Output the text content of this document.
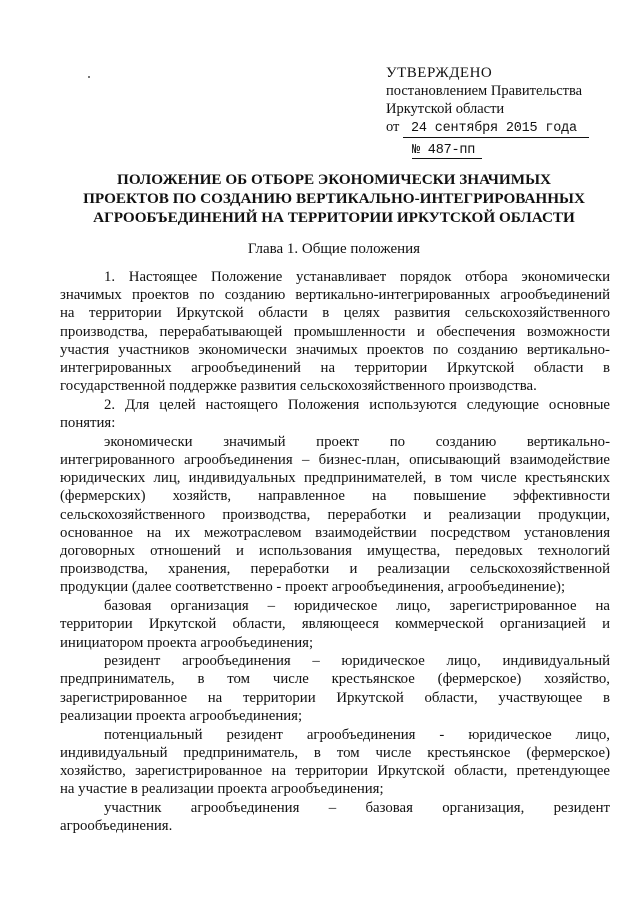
УТВЕРЖДЕНО
постановлением Правительства
Иркутской области
от 24 сентября 2015 года
№ 487-пп
ПОЛОЖЕНИЕ ОБ ОТБОРЕ ЭКОНОМИЧЕСКИ ЗНАЧИМЫХ
ПРОЕКТОВ ПО СОЗДАНИЮ ВЕРТИКАЛЬНО-ИНТЕГРИРОВАННЫХ
АГРООБЪЕДИНЕНИЙ НА ТЕРРИТОРИИ ИРКУТСКОЙ ОБЛАСТИ
Глава 1. Общие положения
1. Настоящее Положение устанавливает порядок отбора экономически
значимых проектов по созданию вертикально-интегрированных агрообъединений
на территории Иркутской области в целях развития сельскохозяйственного
производства, перерабатывающей промышленности и обеспечения возможности
участия участников экономически значимых проектов по созданию вертикально-
интегрированных агрообъединений на территории Иркутской области в
государственной поддержке развития сельскохозяйственного производства.
2. Для целей настоящего Положения используются следующие основные
понятия:
экономически значимый проект по созданию вертикально-
интегрированного агрообъединения – бизнес-план, описывающий взаимодействие
юридических лиц, индивидуальных предпринимателей, в том числе крестьянских
(фермерских) хозяйств, направленное на повышение эффективности
сельскохозяйственного производства, переработки и реализации продукции,
основанное на их межотраслевом взаимодействии посредством установления
договорных отношений и использования имущества, передовых технологий
производства, хранения, переработки и реализации сельскохозяйственной
продукции (далее соответственно - проект агрообъединения, агрообъединение);
базовая организация – юридическое лицо, зарегистрированное на
территории Иркутской области, являющееся коммерческой организацией и
инициатором проекта агрообъединения;
резидент агрообъединения – юридическое лицо, индивидуальный
предприниматель, в том числе крестьянское (фермерское) хозяйство,
зарегистрированное на территории Иркутской области, участвующее в
реализации проекта агрообъединения;
потенциальный резидент агрообъединения - юридическое лицо,
индивидуальный предприниматель, в том числе крестьянское (фермерское)
хозяйство, зарегистрированное на территории Иркутской области, претендующее
на участие в реализации проекта агрообъединения;
участник агрообъединения – базовая организация, резидент
агрообъединения.
